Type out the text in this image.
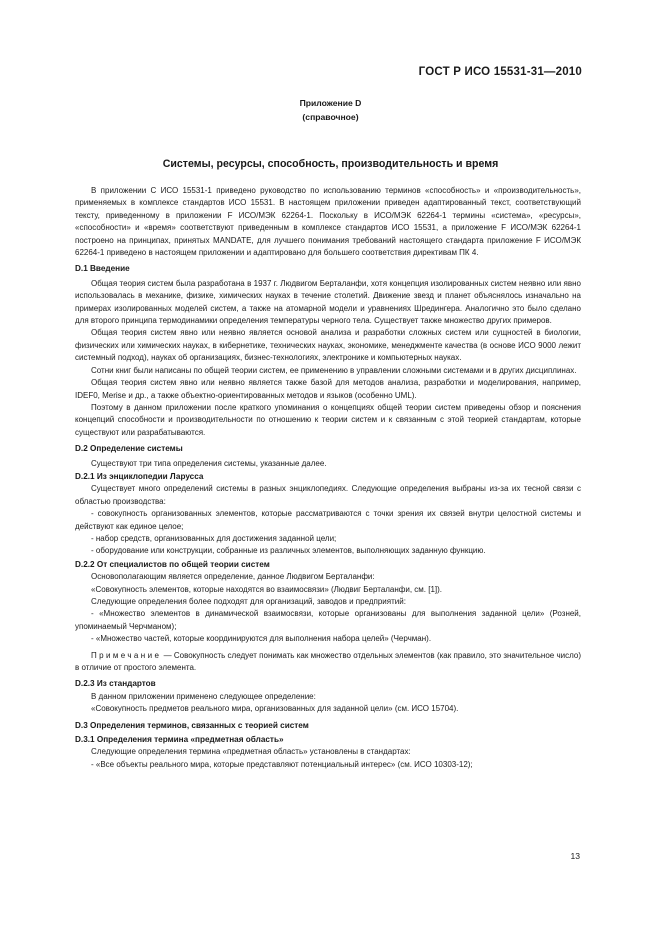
ГОСТ Р ИСО 15531-31—2010
Приложение D
(справочное)
Системы, ресурсы, способность, производительность и время

В приложении С ИСО 15531-1 приведено руководство по использованию терминов «способность» и «производительность», применяемых в комплексе стандартов ИСО 15531. В настоящем приложении приведен адаптированный текст, соответствующий тексту, приведенному в приложении F ИСО/МЭК 62264-1. Поскольку в ИСО/МЭК 62264-1 термины «система», «ресурсы», «способности» и «время» соответствуют приведенным в комплексе стандартов ИСО 15531, а приложение F ИСО/МЭК 62264-1 построено на принципах, принятых MANDATE, для лучшего понимания требований настоящего стандарта приложение F ИСО/МЭК 62264-1 приведено в настоящем приложении и адаптировано для большего соответствия директивам ПК 4.

D.1 Введение

Общая теория систем была разработана в 1937 г. Людвигом Берталанфи, хотя концепция изолированных систем неявно или явно использовалась в механике, физике, химических науках в течение столетий. Движение звезд и планет объяснялось изначально на примерах изолированных моделей систем, а также на атомарной модели и уравнениях Шредингера. Аналогично это было сделано для второго принципа термодинамики определения температуры черного тела. Существует также множество других примеров.

Общая теория систем явно или неявно является основой анализа и разработки сложных систем или сущностей в биологии, физических или химических науках, в кибернетике, технических науках, экономике, менеджменте качества (в основе ИСО 9000 лежит системный подход), науках об организациях, бизнес-технологиях, электронике и компьютерных науках.

Сотни книг были написаны по общей теории систем, ее применению в управлении сложными системами и в других дисциплинах.

Общая теория систем явно или неявно является также базой для методов анализа, разработки и моделирования, например, IDEF0, Merise и др., а также объектно-ориентированных методов и языков (особенно UML).

Поэтому в данном приложении после краткого упоминания о концепциях общей теории систем приведены обзор и пояснения концепций способности и производительности по отношению к теории систем и к связанным с этой теорией стандартам, которые существуют или разрабатываются.

D.2 Определение системы

Существуют три типа определения системы, указанные далее.

D.2.1 Из энциклопедии Ларусса

Существует много определений системы в разных энциклопедиях. Следующие определения выбраны из-за их тесной связи с областью производства:

- совокупность организованных элементов, которые рассматриваются с точки зрения их связей внутри целостной системы и действуют как единое целое;

- набор средств, организованных для достижения заданной цели;

- оборудование или конструкции, собранные из различных элементов, выполняющих заданную функцию.

D.2.2 От специалистов по общей теории систем

Основополагающим является определение, данное Людвигом Берталанфи:

«Совокупность элементов, которые находятся во взаимосвязи» (Людвиг Берталанфи, см. [1]).

Следующие определения более подходят для организаций, заводов и предприятий:

- «Множество элементов в динамической взаимосвязи, которые организованы для выполнения заданной цели» (Розней, упоминаемый Черчманом);

- «Множество частей, которые координируются для выполнения набора целей» (Черчман).

Примечание — Совокупность следует понимать как множество отдельных элементов (как правило, это значительное число) в отличие от простого элемента.

D.2.3 Из стандартов

В данном приложении применено следующее определение:

«Совокупность предметов реального мира, организованных для заданной цели» (см. ИСО 15704).

D.3 Определения терминов, связанных с теорией систем
D.3.1 Определения термина «предметная область»

Следующие определения термина «предметная область» установлены в стандартах:

- «Все объекты реального мира, которые представляют потенциальный интерес» (см. ИСО 10303-12);

13
